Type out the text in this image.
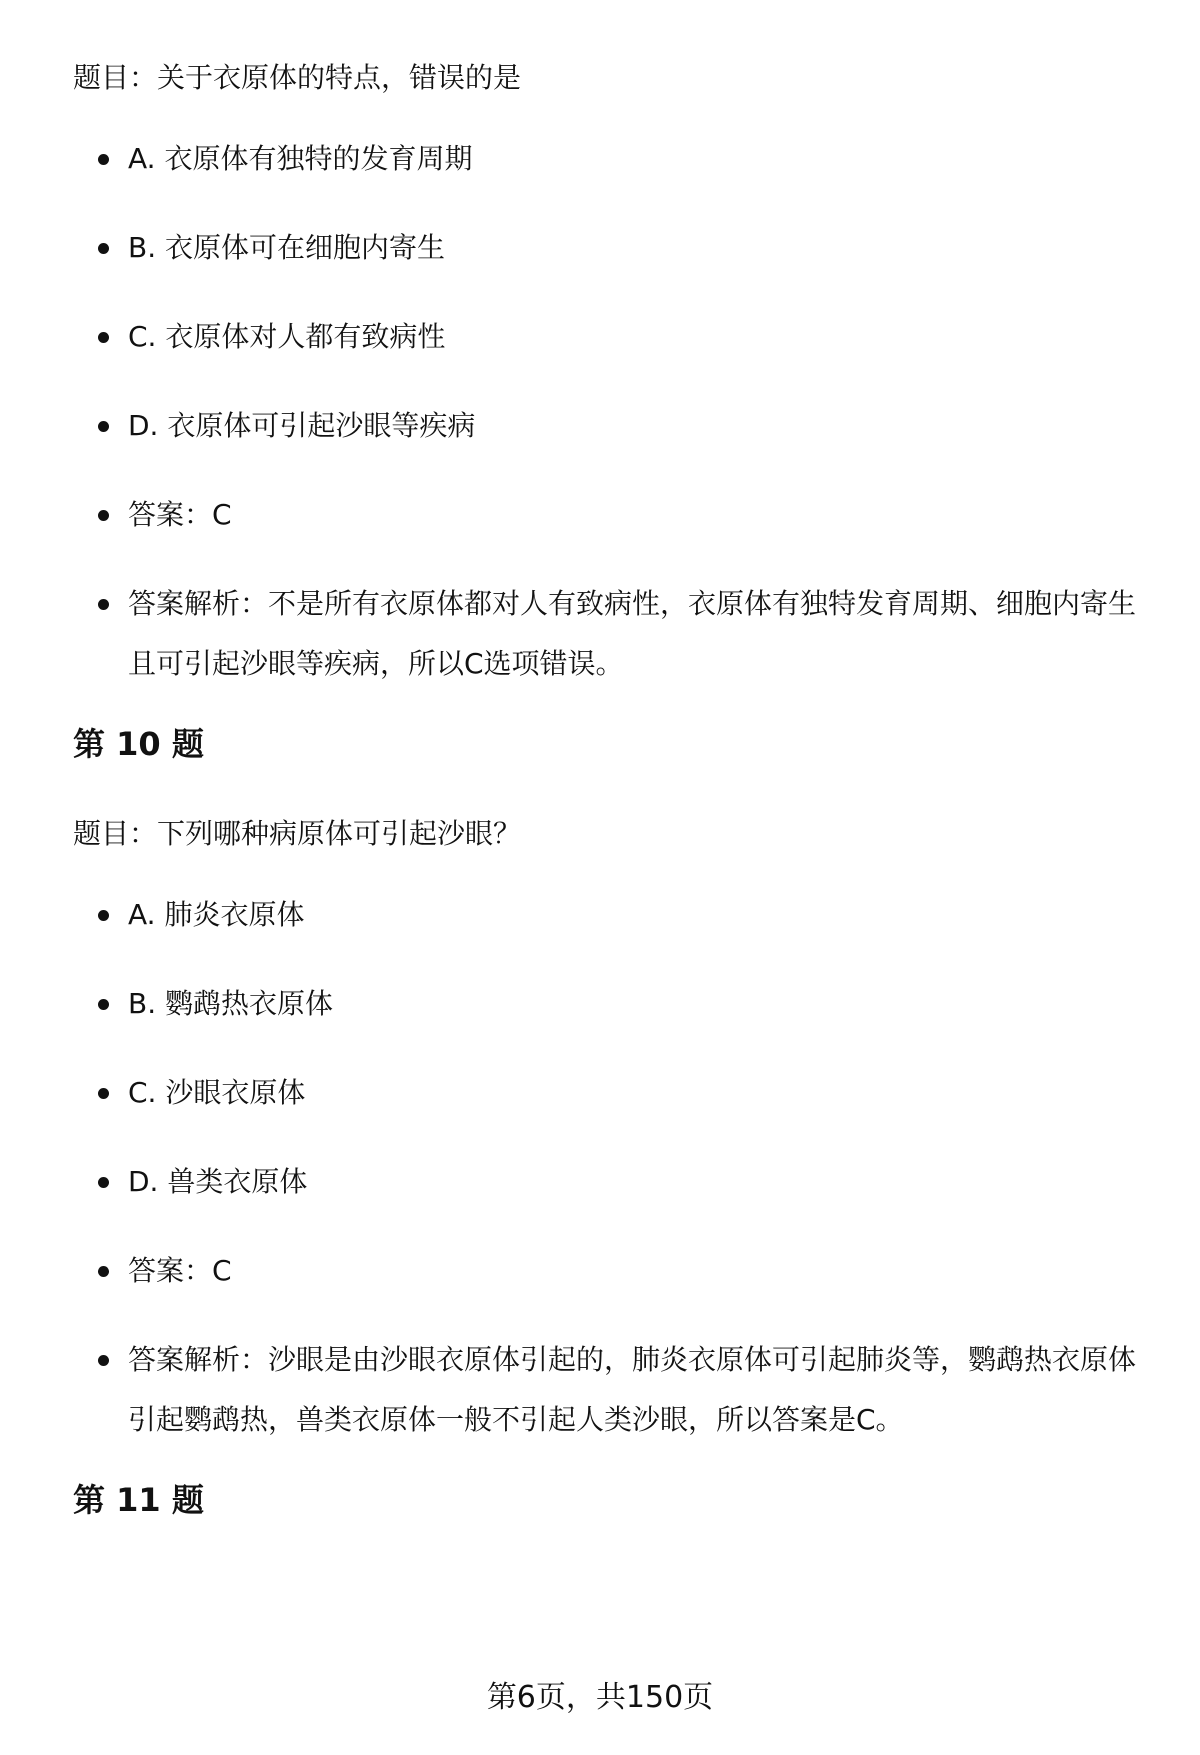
题目：关于衣原体的特点，错误的是

A. 衣原体有独特的发育周期
B. 衣原体可在细胞内寄生
C. 衣原体对人都有致病性
D. 衣原体可引起沙眼等疾病
答案：C
答案解析：不是所有衣原体都对人有致病性，衣原体有独特发育周期、细胞内寄生且可引起沙眼等疾病，所以C选项错误。
第 10 题

题目：下列哪种病原体可引起沙眼？

A. 肺炎衣原体
B. 鹦鹉热衣原体
C. 沙眼衣原体
D. 兽类衣原体
答案：C
答案解析：沙眼是由沙眼衣原体引起的，肺炎衣原体可引起肺炎等，鹦鹉热衣原体引起鹦鹉热，兽类衣原体一般不引起人类沙眼，所以答案是C。
第 11 题
第6页，共150页
